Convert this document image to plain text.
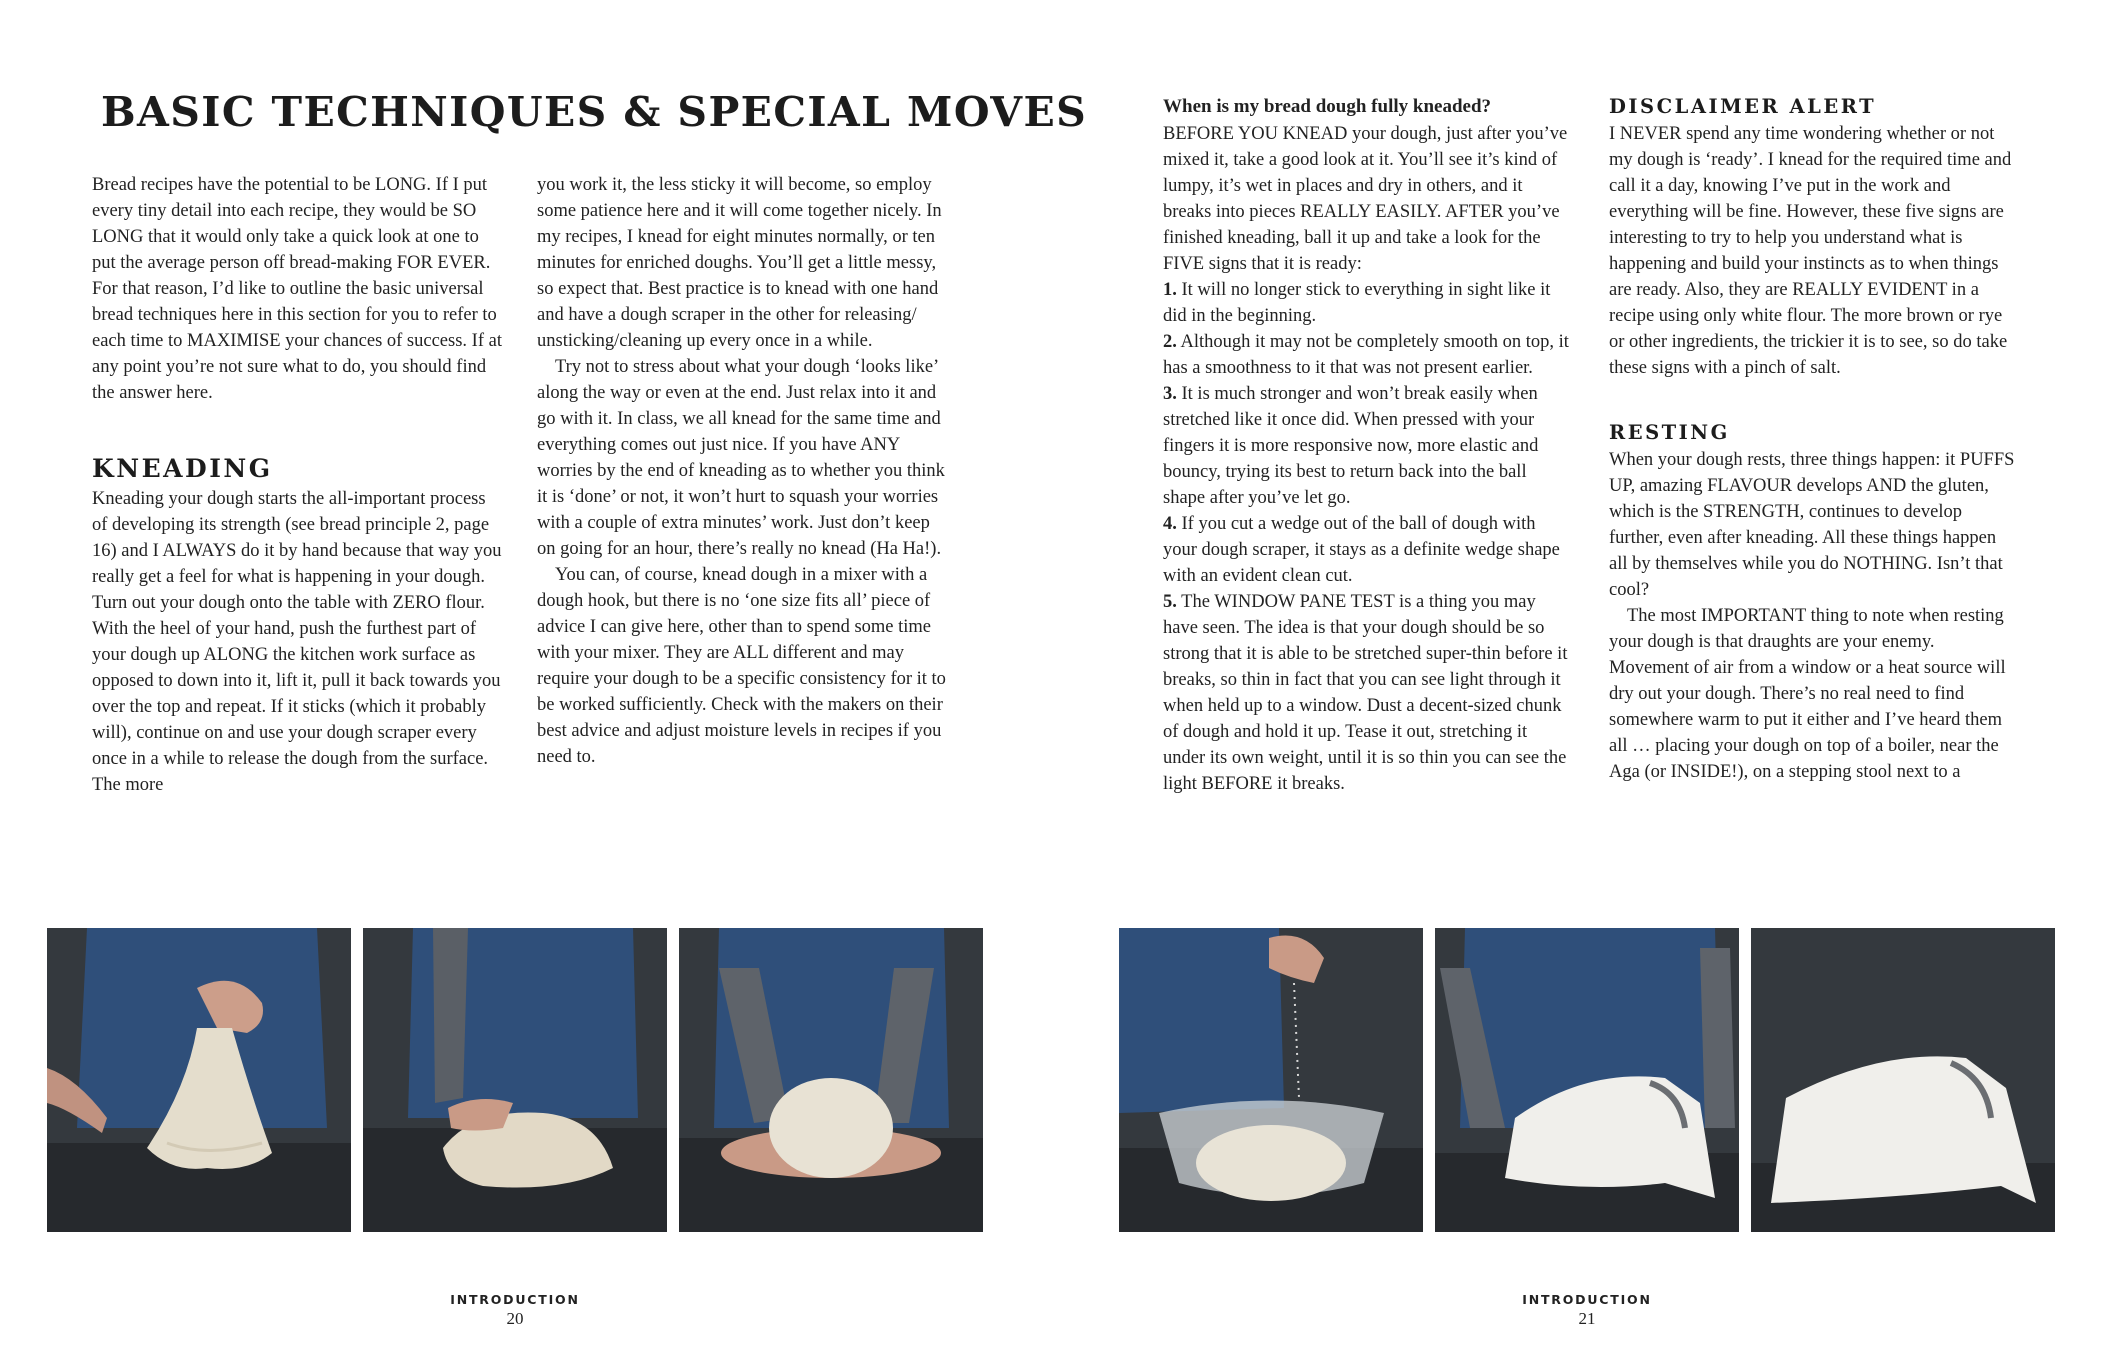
BASIC TECHNIQUES & SPECIAL MOVES

Bread recipes have the potential to be LONG. If I put every tiny detail into each recipe, they would be SO LONG that it would only take a quick look at one to put the average person off bread-making FOR EVER. For that reason, I’d like to outline the basic universal bread techniques here in this section for you to refer to each time to MAXIMISE your chances of success. If at any point you’re not sure what to do, you should find the answer here.

KNEADING

Kneading your dough starts the all-important process of developing its strength (see bread principle 2, page 16) and I ALWAYS do it by hand because that way you really get a feel for what is happening in your dough. Turn out your dough onto the table with ZERO flour. With the heel of your hand, push the furthest part of your dough up ALONG the kitchen work surface as opposed to down into it, lift it, pull it back towards you over the top and repeat. If it sticks (which it probably will), continue on and use your dough scraper every once in a while to release the dough from the surface. The more

you work it, the less sticky it will become, so employ some patience here and it will come together nicely. In my recipes, I knead for eight minutes normally, or ten minutes for enriched doughs. You’ll get a little messy, so expect that. Best practice is to knead with one hand and have a dough scraper in the other for releasing/ unsticking/cleaning up every once in a while.

Try not to stress about what your dough ‘looks like’ along the way or even at the end. Just relax into it and go with it. In class, we all knead for the same time and everything comes out just nice. If you have ANY worries by the end of kneading as to whether you think it is ‘done’ or not, it won’t hurt to squash your worries with a couple of extra minutes’ work. Just don’t keep on going for an hour, there’s really no knead (Ha Ha!).

You can, of course, knead dough in a mixer with a dough hook, but there is no ‘one size fits all’ piece of advice I can give here, other than to spend some time with your mixer. They are ALL different and may require your dough to be a specific consistency for it to be worked sufficiently. Check with the makers on their best advice and adjust moisture levels in recipes if you need to.

When is my bread dough fully kneaded?

BEFORE YOU KNEAD your dough, just after you’ve mixed it, take a good look at it. You’ll see it’s kind of lumpy, it’s wet in places and dry in others, and it breaks into pieces REALLY EASILY. AFTER you’ve finished kneading, ball it up and take a look for the FIVE signs that it is ready:

1. It will no longer stick to everything in sight like it did in the beginning.

2. Although it may not be completely smooth on top, it has a smoothness to it that was not present earlier.

3. It is much stronger and won’t break easily when stretched like it once did. When pressed with your fingers it is more responsive now, more elastic and bouncy, trying its best to return back into the ball shape after you’ve let go.

4. If you cut a wedge out of the ball of dough with your dough scraper, it stays as a definite wedge shape with an evident clean cut.

5. The WINDOW PANE TEST is a thing you may have seen. The idea is that your dough should be so strong that it is able to be stretched super-thin before it breaks, so thin in fact that you can see light through it when held up to a window. Dust a decent-sized chunk of dough and hold it up. Tease it out, stretching it under its own weight, until it is so thin you can see the light BEFORE it breaks.

DISCLAIMER ALERT

I NEVER spend any time wondering whether or not my dough is ‘ready’. I knead for the required time and call it a day, knowing I’ve put in the work and everything will be fine. However, these five signs are interesting to try to help you understand what is happening and build your instincts as to when things are ready. Also, they are REALLY EVIDENT in a recipe using only white flour. The more brown or rye or other ingredients, the trickier it is to see, so do take these signs with a pinch of salt.

RESTING

When your dough rests, three things happen: it PUFFS UP, amazing FLAVOUR develops AND the gluten, which is the STRENGTH, continues to develop further, even after kneading. All these things happen all by themselves while you do NOTHING. Isn’t that cool?

The most IMPORTANT thing to note when resting your dough is that draughts are your enemy. Movement of air from a window or a heat source will dry out your dough. There’s no real need to find somewhere warm to put it either and I’ve heard them all … placing your dough on top of a boiler, near the Aga (or INSIDE!), on a stepping stool next to a

INTRODUCTION
20
INTRODUCTION
21
